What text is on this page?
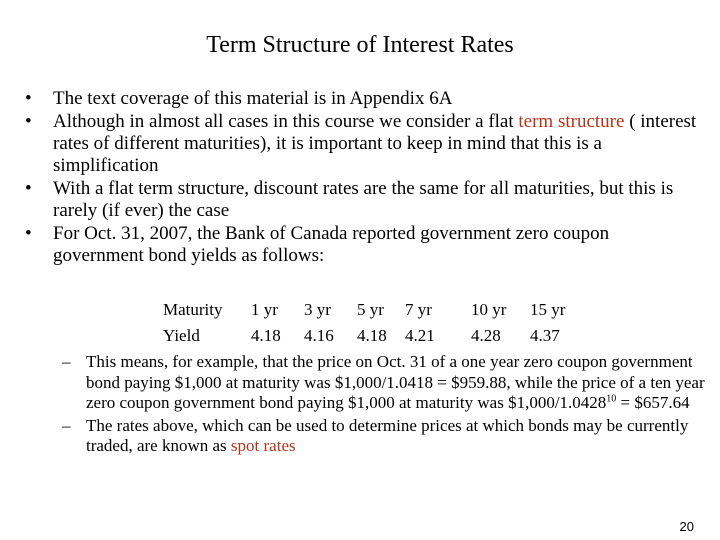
Term Structure of Interest Rates
• The text coverage of this material is in Appendix 6A
• Although in almost all cases in this course we consider a flat term structure ( interest rates of different maturities), it is important to keep in mind that this is a simplification
• With a flat term structure, discount rates are the same for all maturities, but this is rarely (if ever) the case
• For Oct. 31, 2007, the Bank of Canada reported government zero coupon government bond yields as follows:
Maturity	1 yr	3 yr	5 yr	7 yr	10 yr	15 yr
Yield	4.18	4.16	4.18	4.21	4.28	4.37
– This means, for example, that the price on Oct. 31 of a one year zero coupon government bond paying $1,000 at maturity was $1,000/1.0418 = $959.88, while the price of a ten year zero coupon government bond paying $1,000 at maturity was $\$1,000/1.0428^{10}$ = $657.64
– The rates above, which can be used to determine prices at which bonds may be currently traded, are known as spot rates
20
